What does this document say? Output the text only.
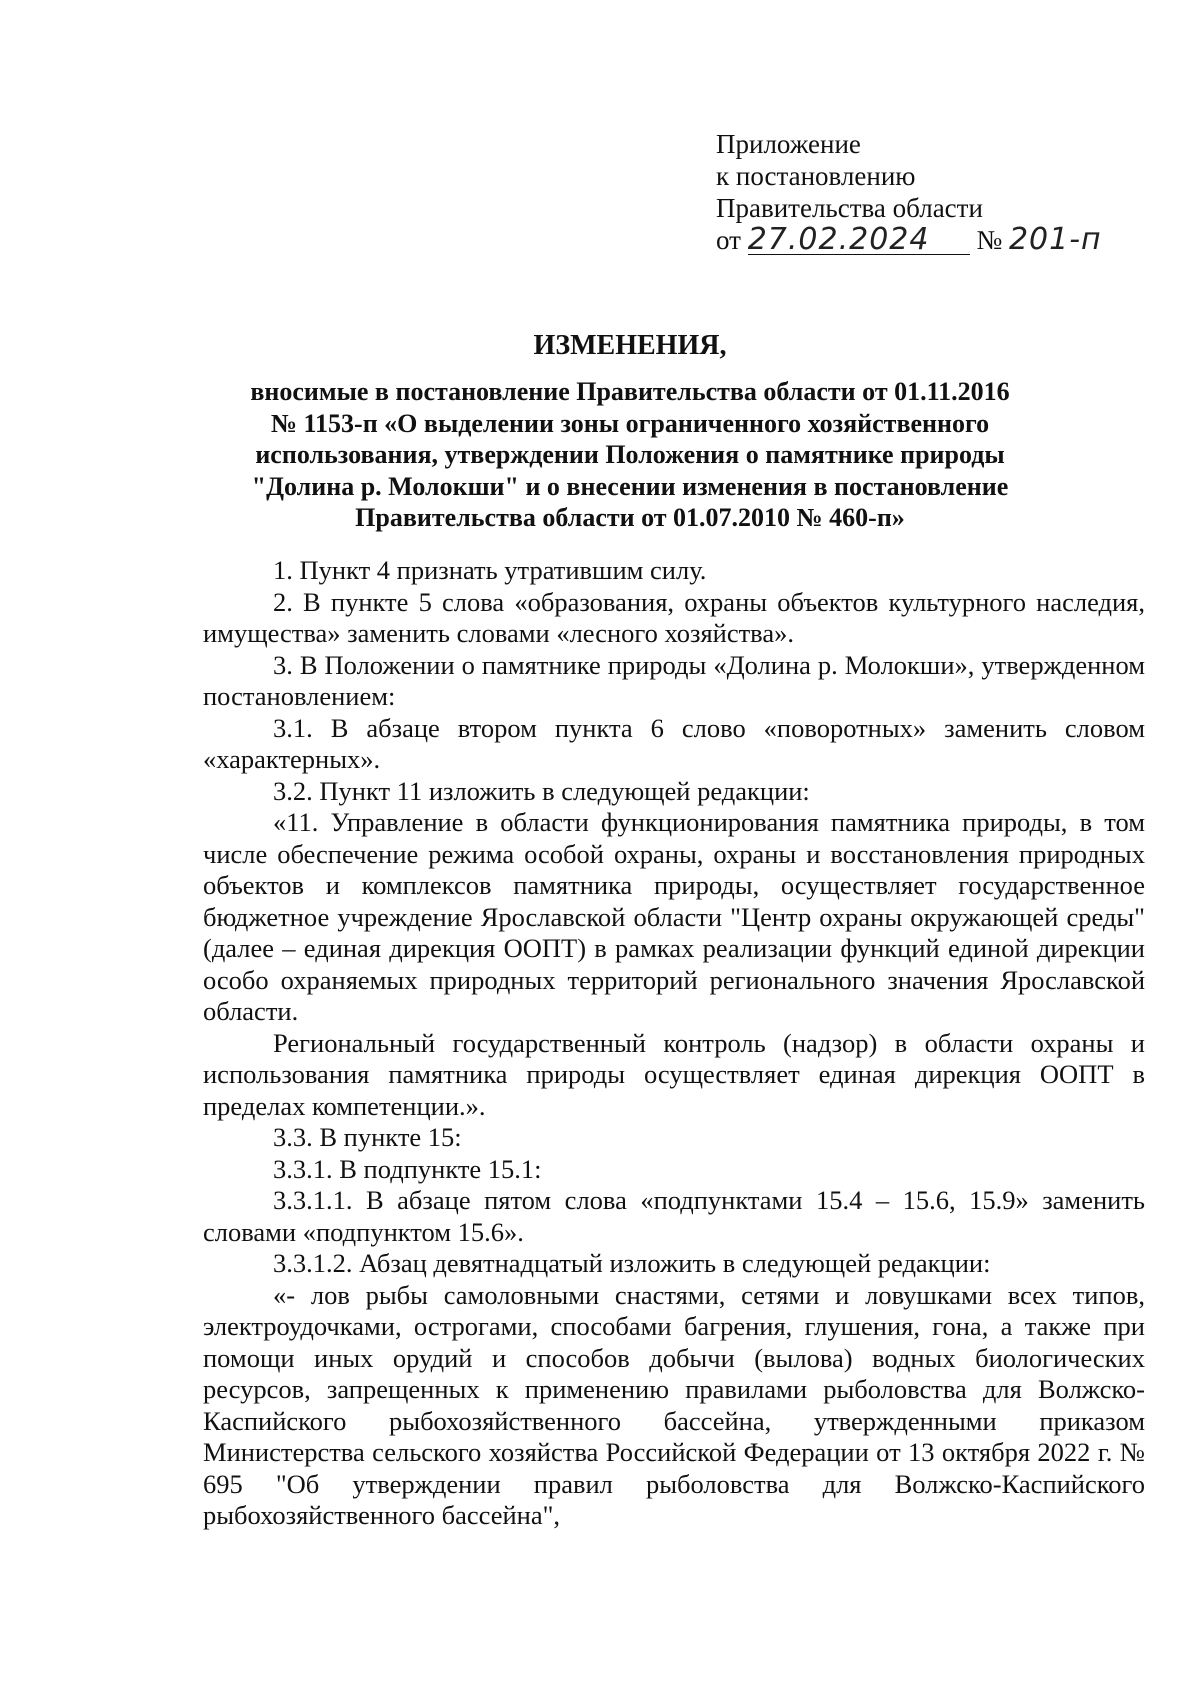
Приложение
к постановлению
Правительства области
от 27.02.2024 № 201-п
ИЗМЕНЕНИЯ,
вносимые в постановление Правительства области от 01.11.2016
№ 1153-п «О выделении зоны ограниченного хозяйственного
использования, утверждении Положения о памятнике природы
"Долина р. Молокши" и о внесении изменения в постановление
Правительства области от 01.07.2010 № 460-п»

1. Пункт 4 признать утратившим силу.

2. В пункте 5 слова «образования, охраны объектов культурного наследия, имущества» заменить словами «лесного хозяйства».

3. В Положении о памятнике природы «Долина р. Молокши», утвержденном постановлением:

3.1. В абзаце втором пункта 6 слово «поворотных» заменить словом «характерных».

3.2. Пункт 11 изложить в следующей редакции:

«11. Управление в области функционирования памятника природы, в том числе обеспечение режима особой охраны, охраны и восстановления природных объектов и комплексов памятника природы, осуществляет государственное бюджетное учреждение Ярославской области "Центр охраны окружающей среды" (далее – единая дирекция ООПТ) в рамках реализации функций единой дирекции особо охраняемых природных территорий регионального значения Ярославской области.

Региональный государственный контроль (надзор) в области охраны и использования памятника природы осуществляет единая дирекция ООПТ в пределах компетенции.».

3.3. В пункте 15:

3.3.1. В подпункте 15.1:

3.3.1.1. В абзаце пятом слова «подпунктами 15.4 – 15.6, 15.9» заменить словами «подпунктом 15.6».

3.3.1.2. Абзац девятнадцатый изложить в следующей редакции:

«- лов рыбы самоловными снастями, сетями и ловушками всех типов, электроудочками, острогами, способами багрения, глушения, гона, а также при помощи иных орудий и способов добычи (вылова) водных биологических ресурсов, запрещенных к применению правилами рыболовства для Волжско-Каспийского рыбохозяйственного бассейна, утвержденными приказом Министерства сельского хозяйства Российской Федерации от 13 октября 2022 г. № 695 "Об утверждении правил рыболовства для Волжско-Каспийского рыбохозяйственного бассейна",
